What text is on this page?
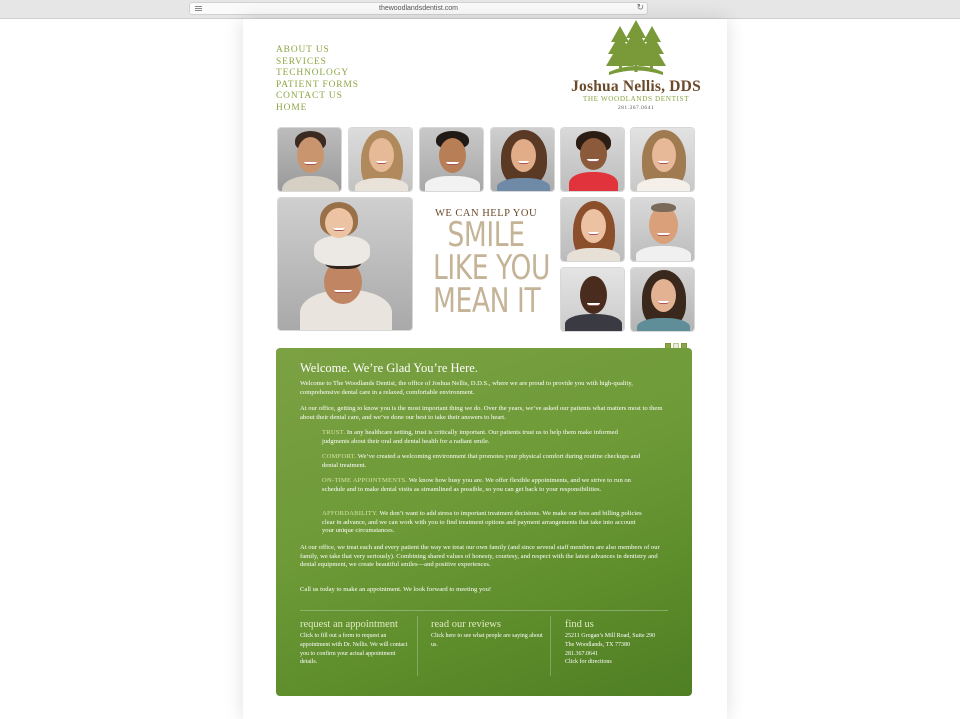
thewoodlandsdentist.com	↻
ABOUT US
SERVICES
TECHNOLOGY
PATIENT FORMS
CONTACT US
HOME
Joshua Nellis, DDS
THE WOODLANDS DENTIST
281.367.0641
WE CAN HELP YOU
SMILE
LIKE YOU
MEAN IT
Welcome. We’re Glad You’re Here.

Welcome to The Woodlands Dentist, the office of Joshua Nellis, D.D.S., where we are proud to provide you with high-quality, comprehensive dental care in a relaxed, comfortable environment.

At our office, getting to know you is the most important thing we do. Over the years, we’ve asked our patients what matters most to them about their dental care, and we’ve done our best to take their answers to heart.

TRUST. In any healthcare setting, trust is critically important. Our patients trust us to help them make informed judgments about their oral and dental health for a radiant smile.

COMFORT. We’ve created a welcoming environment that promotes your physical comfort during routine checkups and dental treatment.

ON-TIME APPOINTMENTS. We know how busy you are. We offer flexible appointments, and we strive to run on schedule and to make dental visits as streamlined as possible, so you can get back to your responsibilities.

AFFORDABILITY. We don’t want to add stress to important treatment decisions. We make our fees and billing policies clear in advance, and we can work with you to find treatment options and payment arrangements that take into account your unique circumstances.

At our office, we treat each and every patient the way we treat our own family (and since several staff members are also members of our family, we take that very seriously). Combining shared values of honesty, courtesy, and respect with the latest advances in dentistry and dental equipment, we create beautiful smiles—and positive experiences.

Call us today to make an appointment. We look forward to meeting you!

request an appointment
Click to fill out a form to request an appointment with Dr. Nellis. We will contact you to confirm your actual appointment details.
read our reviews
Click here to see what people are saying about us.
find us
25211 Grogan’s Mill Road, Suite 290
The Woodlands, TX 77380
281.367.0641
Click for directions
